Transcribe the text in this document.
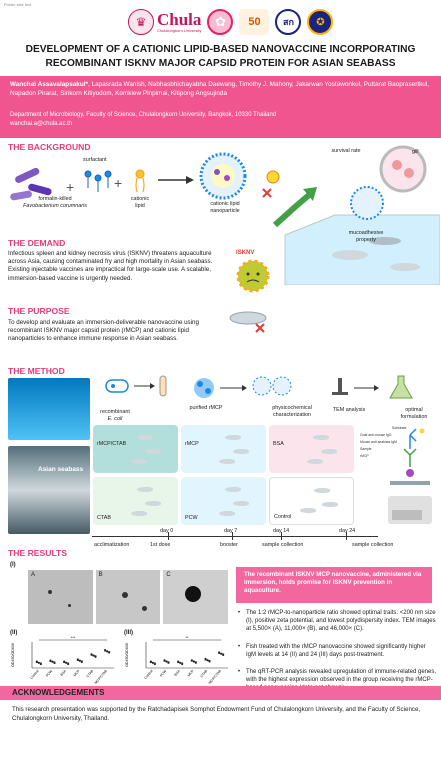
Poster size text
♛ Chula
Chulalongkorn University
✿	50	สก	✪
DEVELOPMENT OF A CATIONIC LIPID-BASED NANOVACCINE INCORPORATING RECOMBINANT ISKNV MAJOR CAPSID PROTEIN FOR ASIAN SEABASS
Wanchai Assavalapsakul*, Lapasrada Wanish, Nabhasbhichayabha Daewang, Timothy J. Mahony, Jakarwan Yostawonkul, Puttarat Baoprasertkul, Napadon Pirarat, Sirikorn Kitiyodom, Komkiew Pinpimai, Kitipong Angsujinda
Department of Microbiology, Faculty of Science, Chulalongkorn University, Bangkok, 10330 Thailand
wanchai.a@chula.ac.th
THE BACKGROUND
+	+
surfactant
formalin-killed
Favobacterium corumnaris
cationic
lipid	cationic lipid nanoparticle
survival rate	gill
mucoadhesive property
THE DEMAND
Infectious spleen and kidney necrosis virus (ISKNV) threatens aquaculture across Asia, causing contaminated fry and high mortality in Asian seabass. Existing injectable vaccines are impractical for large-scale use. A scalable, immersion-based vaccine is urgently needed.
ISKNV
THE PURPOSE
To develop and evaluate an immersion-deliverable nanovaccine using recombinant ISKNV major capsid protein (rMCP) and cationic lipid nanoparticles to enhance immune response in Asian seabass.
THE METHOD
Asian seabass
recombinant
E. coli
purified rMCP	physicochemical characterization
TEM analysis	optimal formulation
rMCP/CTAB	rMCP	BSA
CTAB	PCW	Control
Substrate
Goat anti-mouse IgG
Mouse anti-seabass IgM
Sample
rMCP
day 0	day 7	day 14	day 24
acclimatization	1st dose	booster	sample collection	sample collection
THE RESULTS
(I)
A	B	C
(II)	(III)
OD450/OD630
Control PCW BSA MCP CTAB MCP/CTAB
***
OD450/OD630
Control PCW BSA MCP CTAB MCP/CTAB
**
The recombinant ISKNV MCP nanovaccine, administered via immersion, holds promise for ISKNV prevention in aquaculture.
• The 1:2 rMCP-to-nanoparticle ratio showed optimal traits: <200 nm size (I), positive zeta potential, and lowest polydispersity index. TEM images at 5,500× (A), 11,000× (B), and 46,000× (C).
• Fish treated with the rMCP nanovaccine showed significantly higher IgM levels at 14 (II) and 24 (III) days post-treatment.
• The qRT-PCR analysis revealed upregulation of immune-related genes, with the highest expression observed in the group receiving the rMCP-
ACKNOWLEDGEMENTS
This research presentation was supported by the Ratchadapisek Somphot Endowment Fund of Chulalongkorn University, and the Faculty of Science, Chulalongkorn University, Thailand.
